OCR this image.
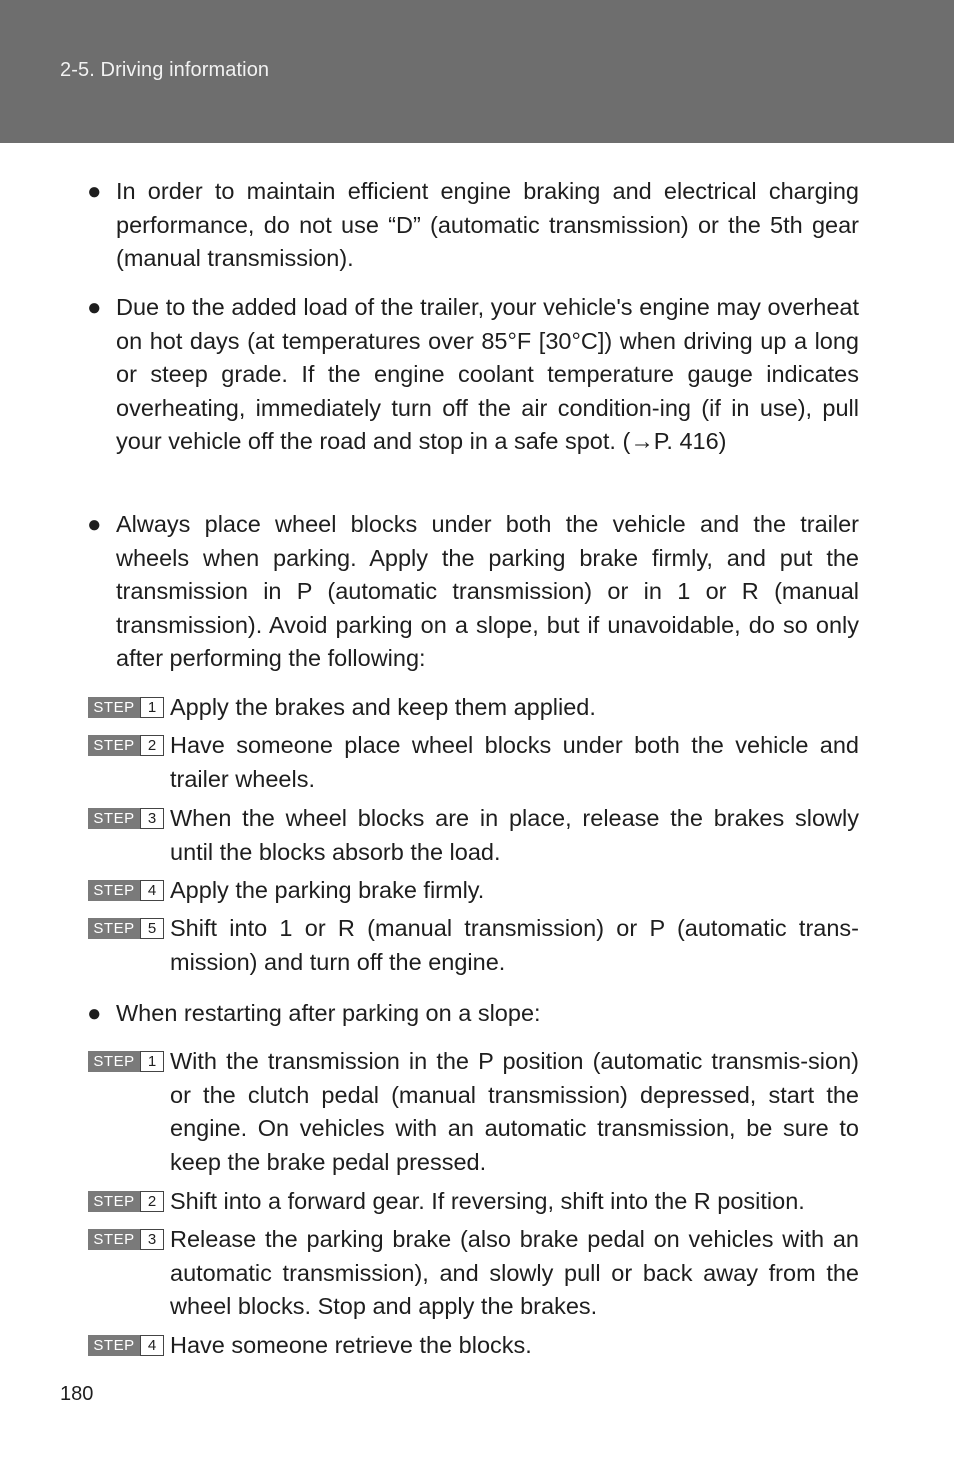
2-5. Driving information
● In order to maintain efficient engine braking and electrical charging performance, do not use “D” (automatic transmission) or the 5th gear (manual transmission).

● Due to the added load of the trailer, your vehicle's engine may overheat on hot days (at temperatures over 85°F [30°C]) when driving up a long or steep grade. If the engine coolant temperature gauge indicates overheating, immediately turn off the air condition-ing (if in use), pull your vehicle off the road and stop in a safe spot. (→P. 416)

● Always place wheel blocks under both the vehicle and the trailer wheels when parking. Apply the parking brake firmly, and put the transmission in P (automatic transmission) or in 1 or R (manual transmission). Avoid parking on a slope, but if unavoidable, do so only after performing the following:

STEP 1 Apply the brakes and keep them applied.

STEP 2 Have someone place wheel blocks under both the vehicle and trailer wheels.

STEP 3 When the wheel blocks are in place, release the brakes slowly until the blocks absorb the load.

STEP 4 Apply the parking brake firmly.

STEP 5 Shift into 1 or R (manual transmission) or P (automatic trans-mission) and turn off the engine.

● When restarting after parking on a slope:

STEP 1 With the transmission in the P position (automatic transmis-sion) or the clutch pedal (manual transmission) depressed, start the engine. On vehicles with an automatic transmission, be sure to keep the brake pedal pressed.

STEP 2 Shift into a forward gear. If reversing, shift into the R position.

STEP 3 Release the parking brake (also brake pedal on vehicles with an automatic transmission), and slowly pull or back away from the wheel blocks. Stop and apply the brakes.

STEP 4 Have someone retrieve the blocks.

180
